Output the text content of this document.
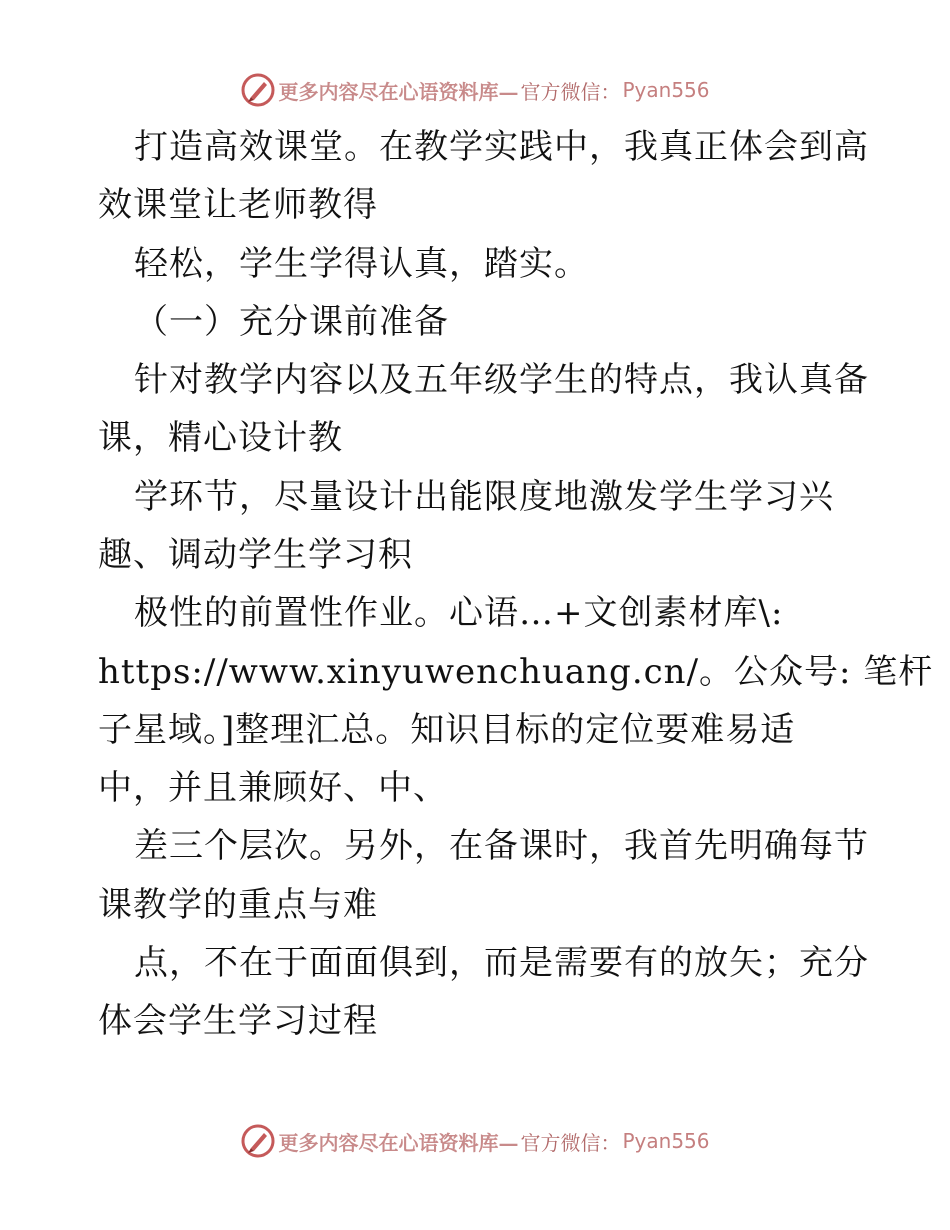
更多内容尽在心语资料库— 官方微信： Pyan556
打造高效课堂。在教学实践中，我真正体会到高
效课堂让老师教得
轻松，学生学得认真，踏实。
（一）充分课前准备
针对教学内容以及五年级学生的特点，我认真备
课，精心设计教
学环节，尽量设计出能限度地激发学生学习兴
趣、调动学生学习积
极性的前置性作业。心语…+文创素材库\:
https://www.xinyuwenchuang.cn/。公众号: 笔杆
子星域。]整理汇总。知识目标的定位要难易适
中，并且兼顾好、中、
差三个层次。另外，在备课时，我首先明确每节
课教学的重点与难
点，不在于面面俱到，而是需要有的放矢；充分
体会学生学习过程
更多内容尽在心语资料库— 官方微信： Pyan556
